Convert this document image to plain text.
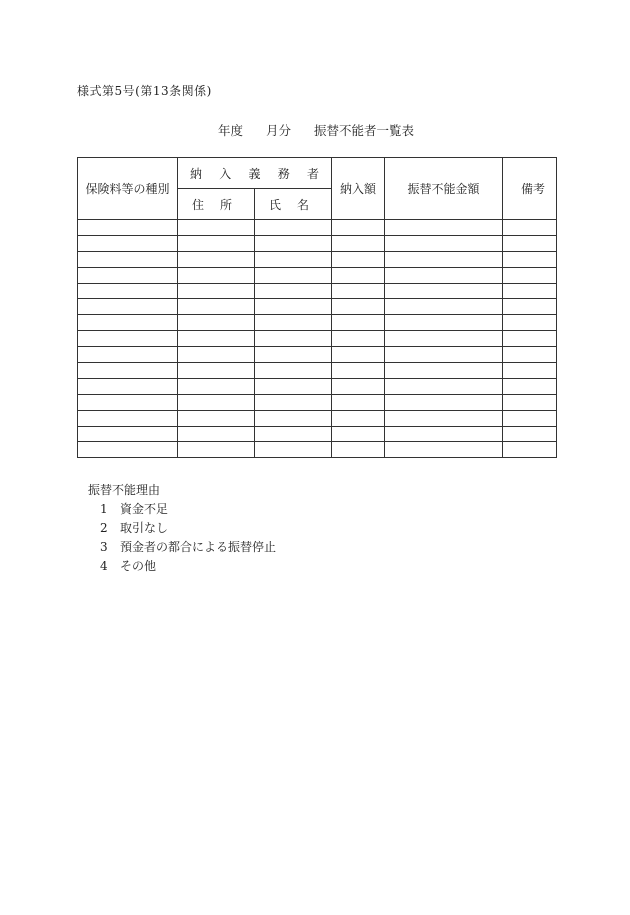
様式第5号(第13条関係)
年度 月分 振替不能者一覧表
保険料等の種別	納 入 義 務 者		納入額	振替不能金額	備 考

	住 所	氏 名			

振替不能理由
1	資金不足
2	取引なし
3	預金者の都合による振替停止
4	その他
